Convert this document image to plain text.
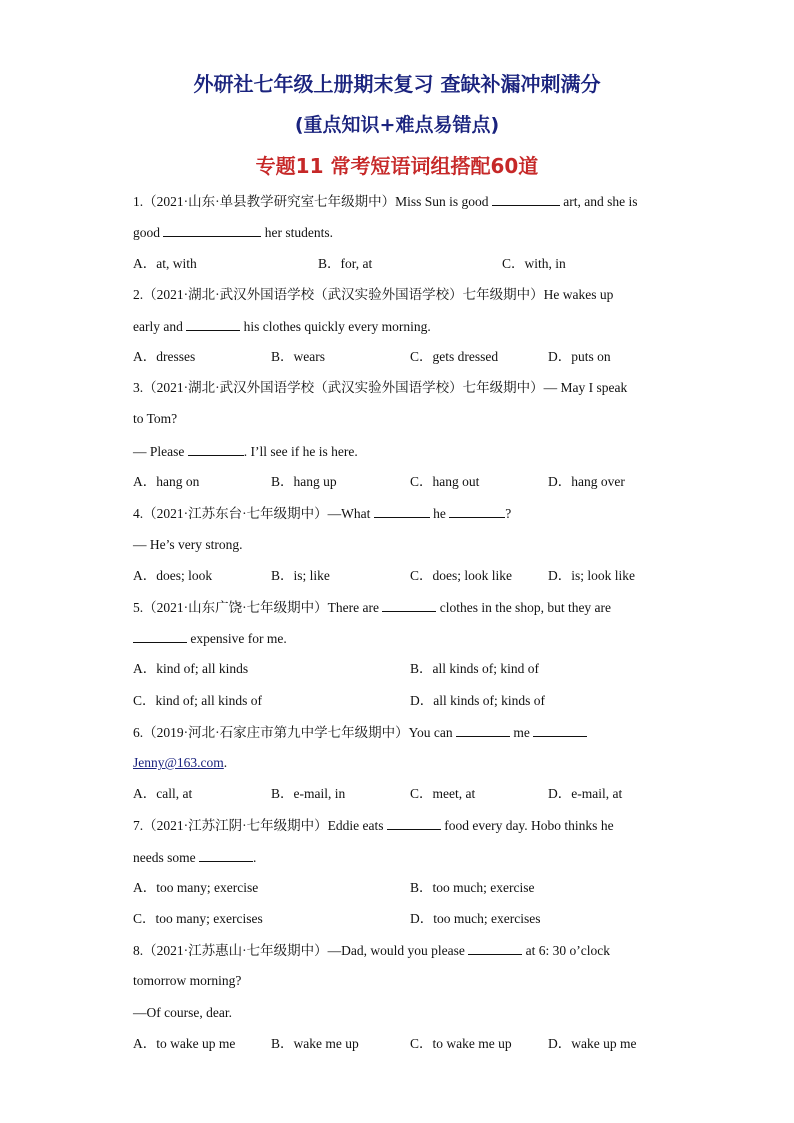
外研社七年级上册期末复习 查缺补漏冲刺满分
(重点知识+难点易错点)
专题11 常考短语词组搭配60道
1.（2021·山东·单县教学研究室七年级期中）Miss Sun is good	art, and she is
good	her students.
A．at, with	B．for, at	C．with, in
2.（2021·湖北·武汉外国语学校（武汉实验外国语学校）七年级期中）He wakes up
early and	his clothes quickly every morning.
A．dresses	B．wears	C．gets dressed	D．puts on
3.（2021·湖北·武汉外国语学校（武汉实验外国语学校）七年级期中）— May I speak
to Tom?
— Please	. I’ll see if he is here.
A．hang on	B．hang up	C．hang out	D．hang over
4.（2021·江苏东台·七年级期中）—What	he	?
— He’s very strong.
A．does; look	B．is; like	C．does; look like	D．is; look like
5.（2021·山东广饶·七年级期中）There are	clothes in the shop, but they are
expensive for me.
A．kind of; all kinds	B．all kinds of; kind of
C．kind of; all kinds of	D．all kinds of; kinds of
6.（2019·河北·石家庄市第九中学七年级期中）You can	me
Jenny@163.com.
A．call, at	B．e-mail, in	C．meet, at	D．e-mail, at
7.（2021·江苏江阴·七年级期中）Eddie eats	food every day. Hobo thinks he
needs some	.
A．too many; exercise	B．too much; exercise
C．too many; exercises	D．too much; exercises
8.（2021·江苏惠山·七年级期中）—Dad, would you please	at 6: 30 o’clock
tomorrow morning?
—Of course, dear.
A．to wake up me	B．wake me up	C．to wake me up	D．wake up me
